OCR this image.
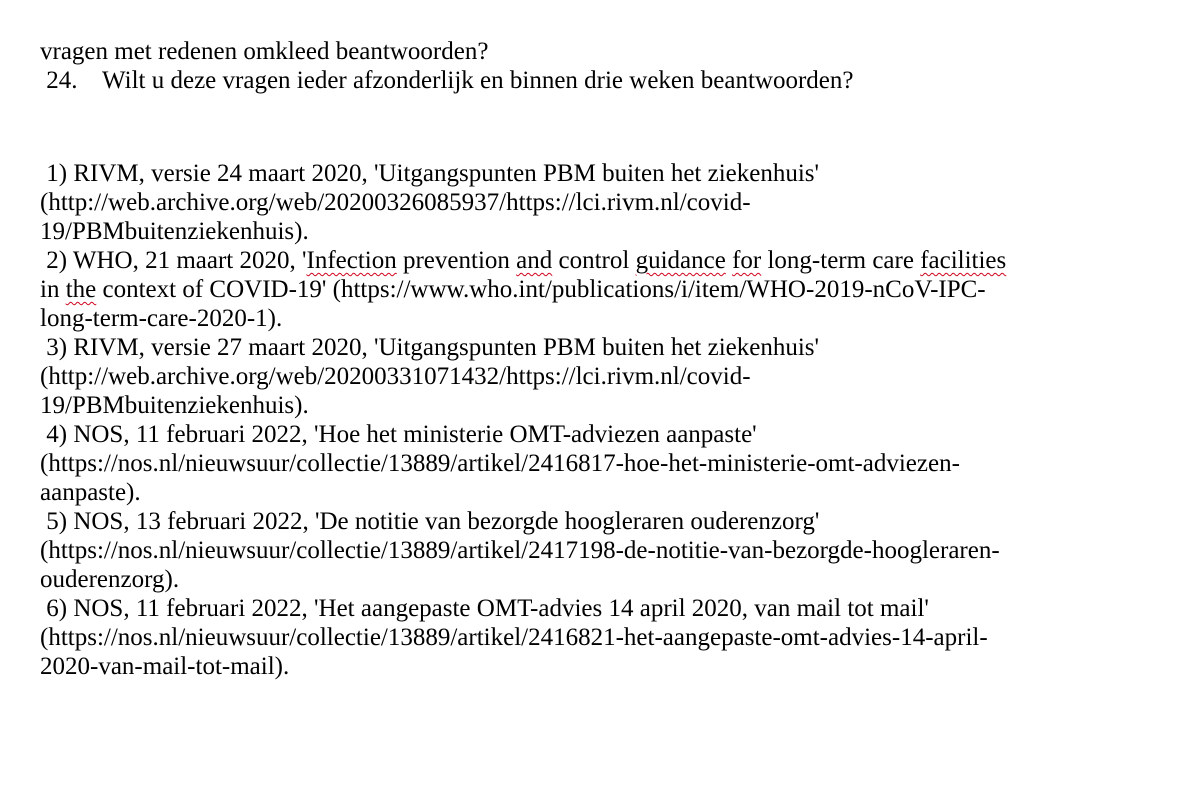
vragen met redenen omkleed beantwoorden?
24.    Wilt u deze vragen ieder afzonderlijk en binnen drie weken beantwoorden?
1) RIVM, versie 24 maart 2020, 'Uitgangspunten PBM buiten het ziekenhuis'
(http://web.archive.org/web/20200326085937/https://lci.rivm.nl/covid-
19/PBMbuitenziekenhuis).
2) WHO, 21 maart 2020, 'Infection prevention and control guidance for long-term care facilities
in the context of COVID-19' (https://www.who.int/publications/i/item/WHO-2019-nCoV-IPC-
long-term-care-2020-1).
3) RIVM, versie 27 maart 2020, 'Uitgangspunten PBM buiten het ziekenhuis'
(http://web.archive.org/web/20200331071432/https://lci.rivm.nl/covid-
19/PBMbuitenziekenhuis).
4) NOS, 11 februari 2022, 'Hoe het ministerie OMT-adviezen aanpaste'
(https://nos.nl/nieuwsuur/collectie/13889/artikel/2416817-hoe-het-ministerie-omt-adviezen-
aanpaste).
5) NOS, 13 februari 2022, 'De notitie van bezorgde hoogleraren ouderenzorg'
(https://nos.nl/nieuwsuur/collectie/13889/artikel/2417198-de-notitie-van-bezorgde-hoogleraren-
ouderenzorg).
6) NOS, 11 februari 2022, 'Het aangepaste OMT-advies 14 april 2020, van mail tot mail'
(https://nos.nl/nieuwsuur/collectie/13889/artikel/2416821-het-aangepaste-omt-advies-14-april-
2020-van-mail-tot-mail).
